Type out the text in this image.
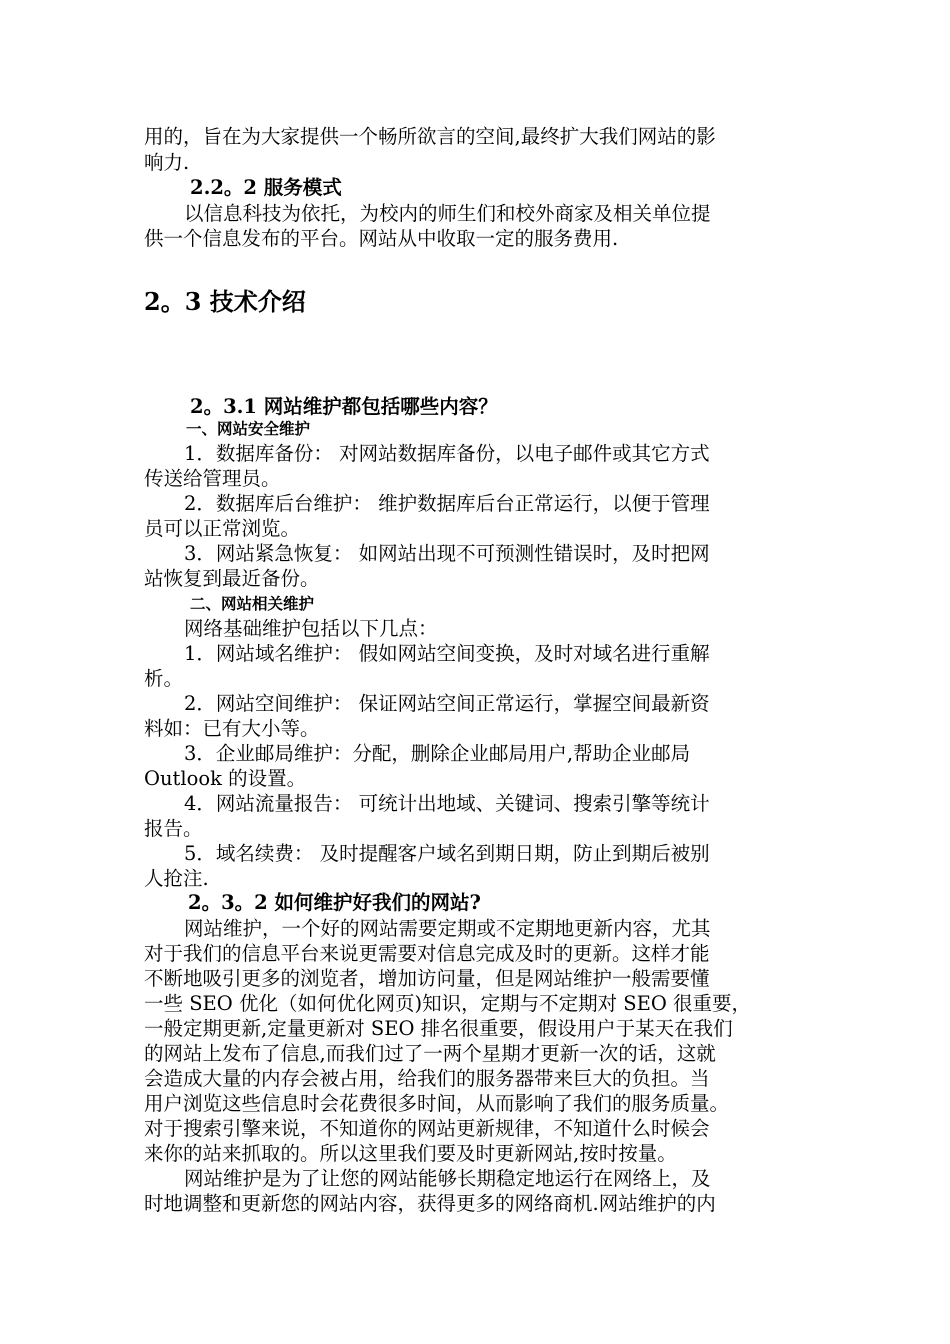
用的，旨在为大家提供一个畅所欲言的空间,最终扩大我们网站的影

响力.

2.2。2 服务模式

以信息科技为依托，为校内的师生们和校外商家及相关单位提

供一个信息发布的平台。网站从中收取一定的服务费用.

2。3 技术介绍

2。3.1 网站维护都包括哪些内容？

一、网站安全维护

1．数据库备份： 对网站数据库备份，以电子邮件或其它方式

传送给管理员。

2．数据库后台维护： 维护数据库后台正常运行，以便于管理

员可以正常浏览。

3．网站紧急恢复： 如网站出现不可预测性错误时，及时把网

站恢复到最近备份。

二、网站相关维护

网络基础维护包括以下几点：

1．网站域名维护： 假如网站空间变换，及时对域名进行重解

析。

2．网站空间维护： 保证网站空间正常运行，掌握空间最新资

料如：已有大小等。

3．企业邮局维护：分配，删除企业邮局用户,帮助企业邮局

Outlook 的设置。

4．网站流量报告： 可统计出地域、关键词、搜索引擎等统计

报告。

5．域名续费： 及时提醒客户域名到期日期，防止到期后被别

人抢注.

2。3。2 如何维护好我们的网站?

网站维护，一个好的网站需要定期或不定期地更新内容，尤其

对于我们的信息平台来说更需要对信息完成及时的更新。这样才能

不断地吸引更多的浏览者，增加访问量，但是网站维护一般需要懂

一些 SEO 优化（如何优化网页)知识，定期与不定期对 SEO 很重要，

一般定期更新,定量更新对 SEO 排名很重要，假设用户于某天在我们

的网站上发布了信息,而我们过了一两个星期才更新一次的话，这就

会造成大量的内存会被占用，给我们的服务器带来巨大的负担。当

用户浏览这些信息时会花费很多时间，从而影响了我们的服务质量。

对于搜索引擎来说，不知道你的网站更新规律，不知道什么时候会

来你的站来抓取的。所以这里我们要及时更新网站,按时按量。

网站维护是为了让您的网站能够长期稳定地运行在网络上，及

时地调整和更新您的网站内容，获得更多的网络商机.网站维护的内
